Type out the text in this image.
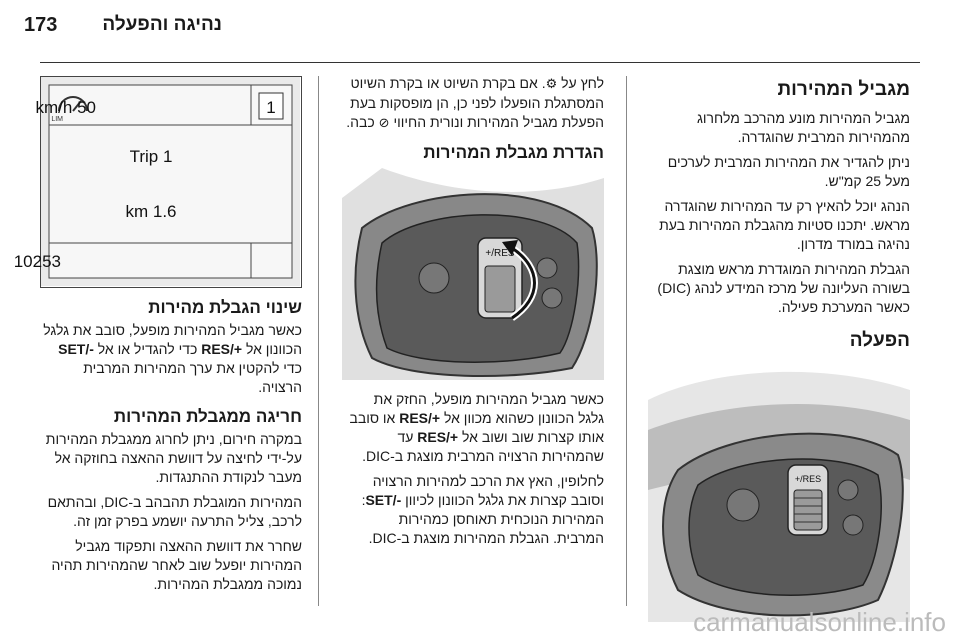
נהיגה והפעלה
173
מגביל המהירות

מגביל המהירות מונע מהרכב מלחרוג מהמהירות המרבית שהוגדרה.

ניתן להגדיר את המהירות המרבית לערכים מעל 25 קמ"ש.

הנהג יוכל להאיץ רק עד המהירות שהוגדרה מראש. יתכנו סטיות מהגבלת המהירות בעת נהיגה במורד מדרון.

הגבלת המהירות המוגדרת מראש מוצגת בשורה העליונה של מרכז המידע לנהג (DIC) כאשר המערכת פעילה.

הפעלה
RES/+

לחץ על ⚙. אם בקרת השיוט או בקרת השיוט המסתגלת הופעלו לפני כן, הן מופסקות בעת הפעלת מגביל המהירות ונורית החיווי ⊘ כבה.

הגדרת מגבלת המהירות
RES/+

כאשר מגביל המהירות מופעל, החזק את גלגל הכוונון כשהוא מכוון אל RES/+ או סובב אותו קצרות שוב ושוב אל RES/+ עד שהמהירות הרצויה המרבית מוצגת ב-DIC.

לחלופין, האץ את הרכב למהירות הרצויה וסובב קצרות את גלגל הכוונון לכיוון SET/-: המהירות הנוכחית תאוחסן כמהירות המרבית. הגבלת המהירות מוצגת ב-DIC.

LIM
50 km/h	1
Trip 1
1.6 km
10253
שינוי הגבלת מהירות

כאשר מגביל המהירות מופעל, סובב את גלגל הכוונון אל RES/+ כדי להגדיל או אל SET/- כדי להקטין את ערך המהירות המרבית הרצויה.

חריגה ממגבלת המהירות

במקרה חירום, ניתן לחרוג ממגבלת המהירות על-ידי לחיצה על דוושת ההאצה בחוזקה אל מעבר לנקודת ההתנגדות.

המהירות המוגבלת תהבהב ב-DIC, ובהתאם לרכב, צליל התרעה יושמע בפרק זמן זה.

שחרר את דוושת ההאצה ותפקוד מגביל המהירות יופעל שוב לאחר שהמהירות תהיה נמוכה ממגבלת המהירות.

carmanualsonline.info
